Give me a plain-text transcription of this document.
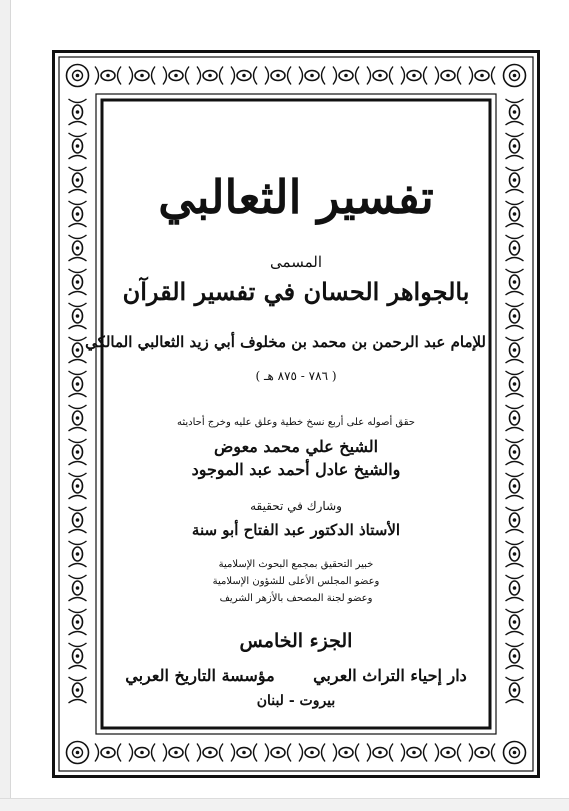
تفسير الثعالبي
المسمى
بالجواهر الحسان في تفسير القرآن
للإمام عبد الرحمن بن محمد بن مخلوف أبي زيد الثعالبي المالكي
( ٧٨٦ - ٨٧٥ هـ )
حقق أصوله على أربع نسخ خطية وعلق عليه وخرج أحاديثه
الشيخ علي محمد معوض
والشيخ عادل أحمد عبد الموجود
وشارك في تحقيقه
الأستاذ الدكتور عبد الفتاح أبو سنة
خبير التحقيق بمجمع البحوث الإسلامية
وعضو المجلس الأعلى للشؤون الإسلامية
وعضو لجنة المصحف بالأزهر الشريف
الجزء الخامس
دار إحياء التراث العربي
مؤسسة التاريخ العربي
بيروت - لبنان
